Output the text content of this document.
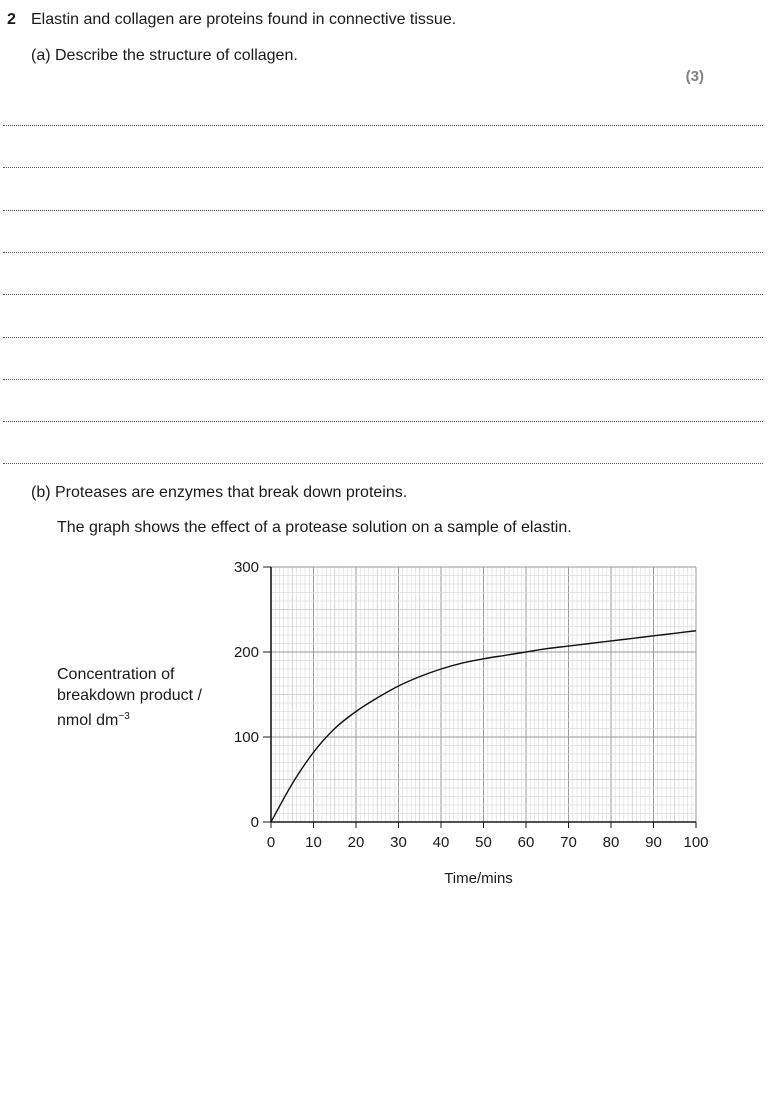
2 Elastin and collagen are proteins found in connective tissue.
(a) Describe the structure of collagen.
(3)
(b) Proteases are enzymes that break down proteins.
The graph shows the effect of a protease solution on a sample of elastin.
Concentration of
breakdown product /
nmol $dm^{-3}$
0 10 20 30 40 50 60 70 80 90 100
0
100
200
300
Time/mins
